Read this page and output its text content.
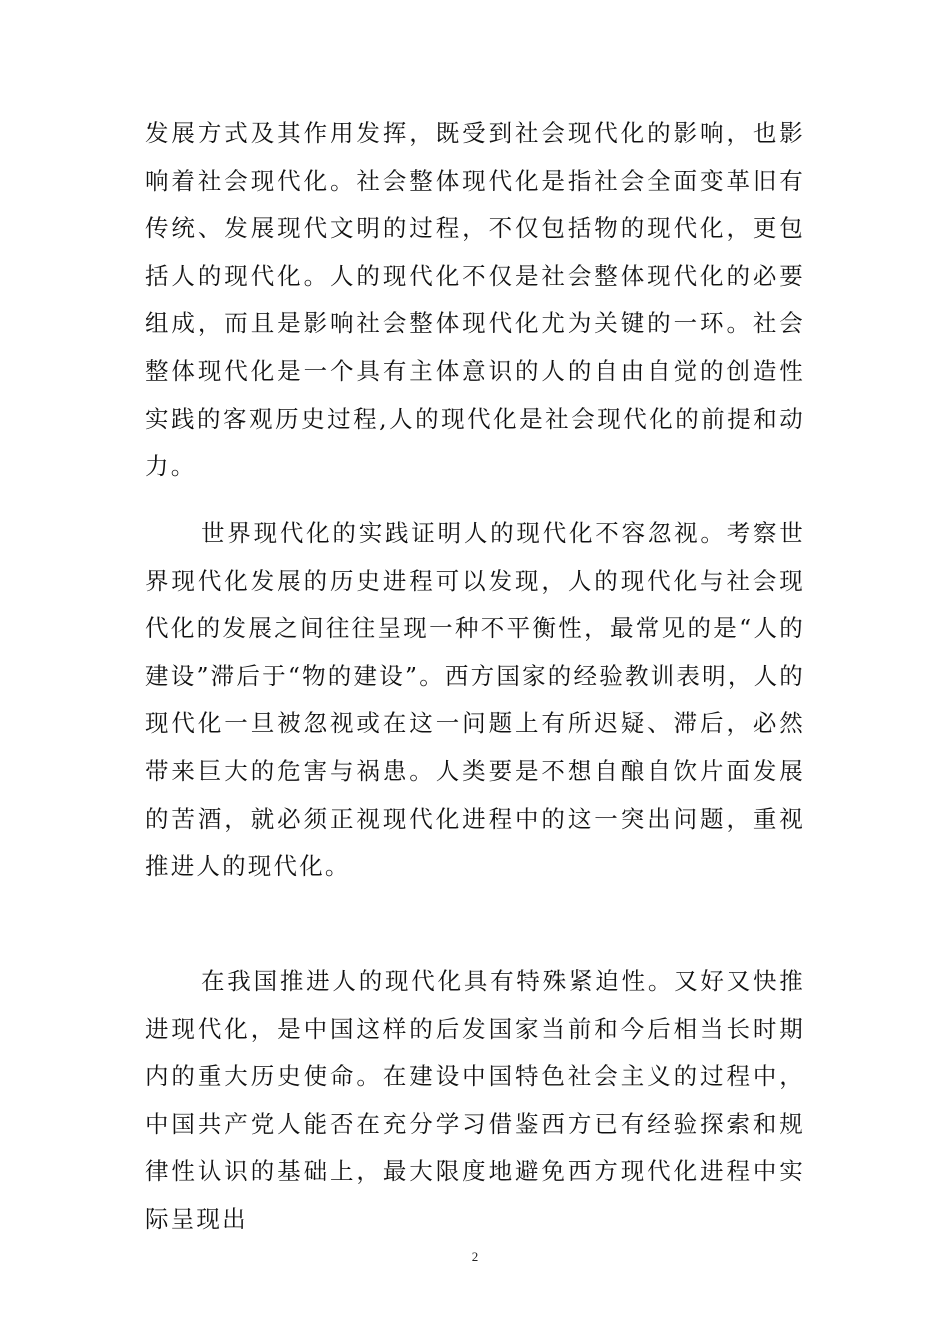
发展方式及其作用发挥，既受到社会现代化的影响，也影响着社会现代化。社会整体现代化是指社会全面变革旧有传统、发展现代文明的过程，不仅包括物的现代化，更包括人的现代化。人的现代化不仅是社会整体现代化的必要组成，而且是影响社会整体现代化尤为关键的一环。社会整体现代化是一个具有主体意识的人的自由自觉的创造性实践的客观历史过程,人的现代化是社会现代化的前提和动力。

世界现代化的实践证明人的现代化不容忽视。考察世界现代化发展的历史进程可以发现，人的现代化与社会现代化的发展之间往往呈现一种不平衡性，最常见的是“人的建设”滞后于“物的建设”。西方国家的经验教训表明，人的现代化一旦被忽视或在这一问题上有所迟疑、滞后，必然带来巨大的危害与祸患。人类要是不想自酿自饮片面发展的苦酒，就必须正视现代化进程中的这一突出问题，重视推进人的现代化。

在我国推进人的现代化具有特殊紧迫性。又好又快推进现代化，是中国这样的后发国家当前和今后相当长时期内的重大历史使命。在建设中国特色社会主义的过程中，中国共产党人能否在充分学习借鉴西方已有经验探索和规律性认识的基础上，最大限度地避免西方现代化进程中实际呈现出

2
